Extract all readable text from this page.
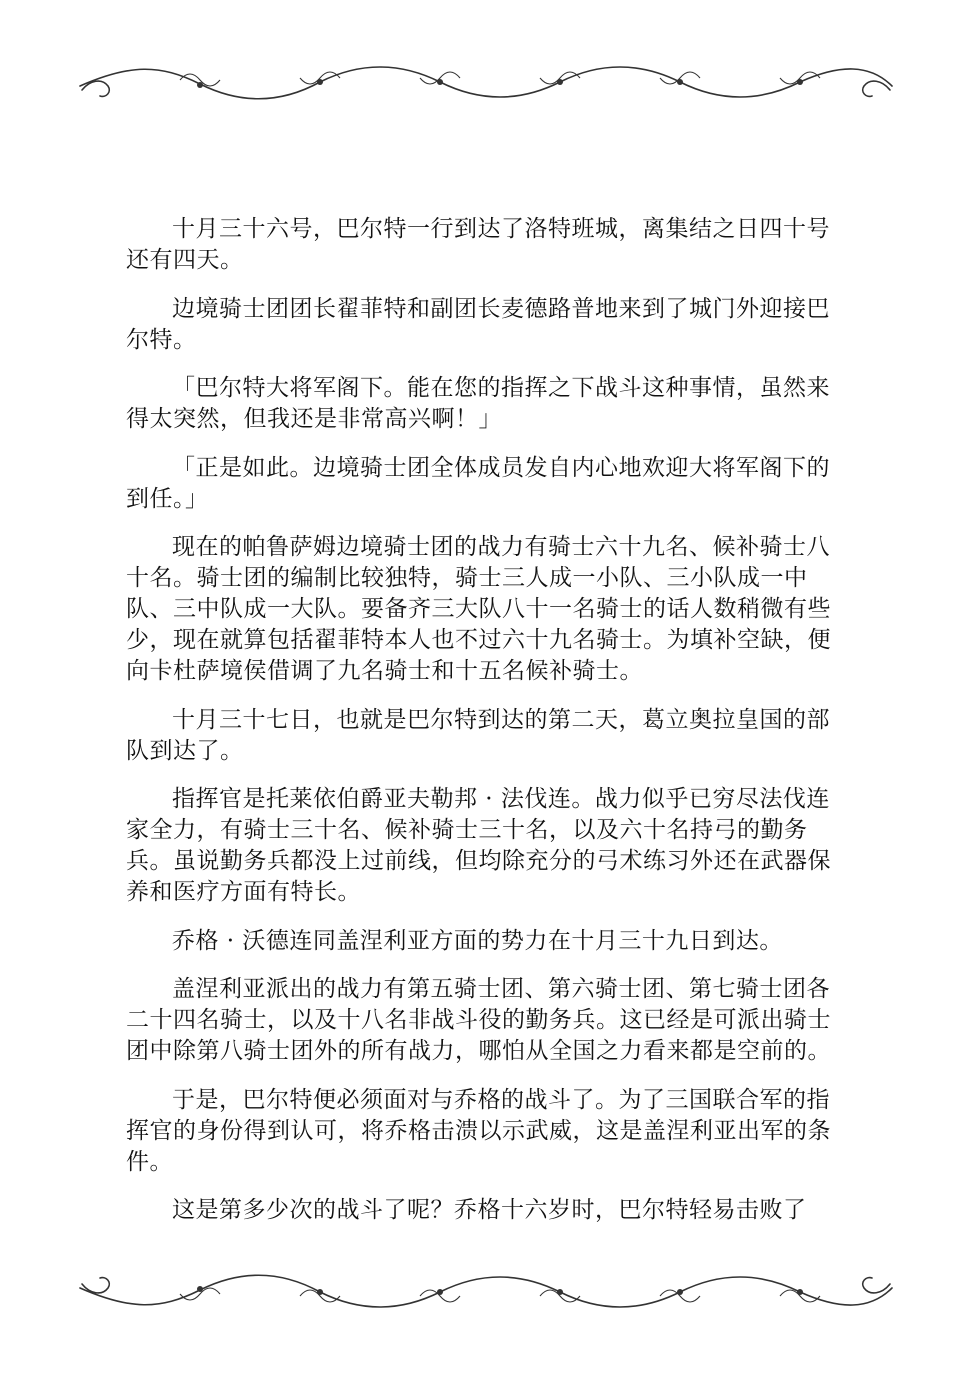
十月三十六号，巴尔特一行到达了洛特班城，离集结之日四十号还有四天。

边境骑士团团长翟菲特和副团长麦德路普地来到了城门外迎接巴尔特。

「巴尔特大将军阁下。能在您的指挥之下战斗这种事情，虽然来得太突然，但我还是非常高兴啊！」

「正是如此。边境骑士团全体成员发自内心地欢迎大将军阁下的到任。」

现在的帕鲁萨姆边境骑士团的战力有骑士六十九名、候补骑士八十名。骑士团的编制比较独特，骑士三人成一小队、三小队成一中队、三中队成一大队。要备齐三大队八十一名骑士的话人数稍微有些少，现在就算包括翟菲特本人也不过六十九名骑士。为填补空缺，便向卡杜萨境侯借调了九名骑士和十五名候补骑士。

十月三十七日，也就是巴尔特到达的第二天，葛立奥拉皇国的部队到达了。

指挥官是托莱依伯爵亚夫勒邦 · 法伐连。战力似乎已穷尽法伐连家全力，有骑士三十名、候补骑士三十名，以及六十名持弓的勤务兵。虽说勤务兵都没上过前线，但均除充分的弓术练习外还在武器保养和医疗方面有特长。

乔格 · 沃德连同盖涅利亚方面的势力在十月三十九日到达。

盖涅利亚派出的战力有第五骑士团、第六骑士团、第七骑士团各二十四名骑士，以及十八名非战斗役的勤务兵。这已经是可派出骑士团中除第八骑士团外的所有战力，哪怕从全国之力看来都是空前的。

于是，巴尔特便必须面对与乔格的战斗了。为了三国联合军的指挥官的身份得到认可，将乔格击溃以示武威，这是盖涅利亚出军的条件。

这是第多少次的战斗了呢？乔格十六岁时，巴尔特轻易击败了
